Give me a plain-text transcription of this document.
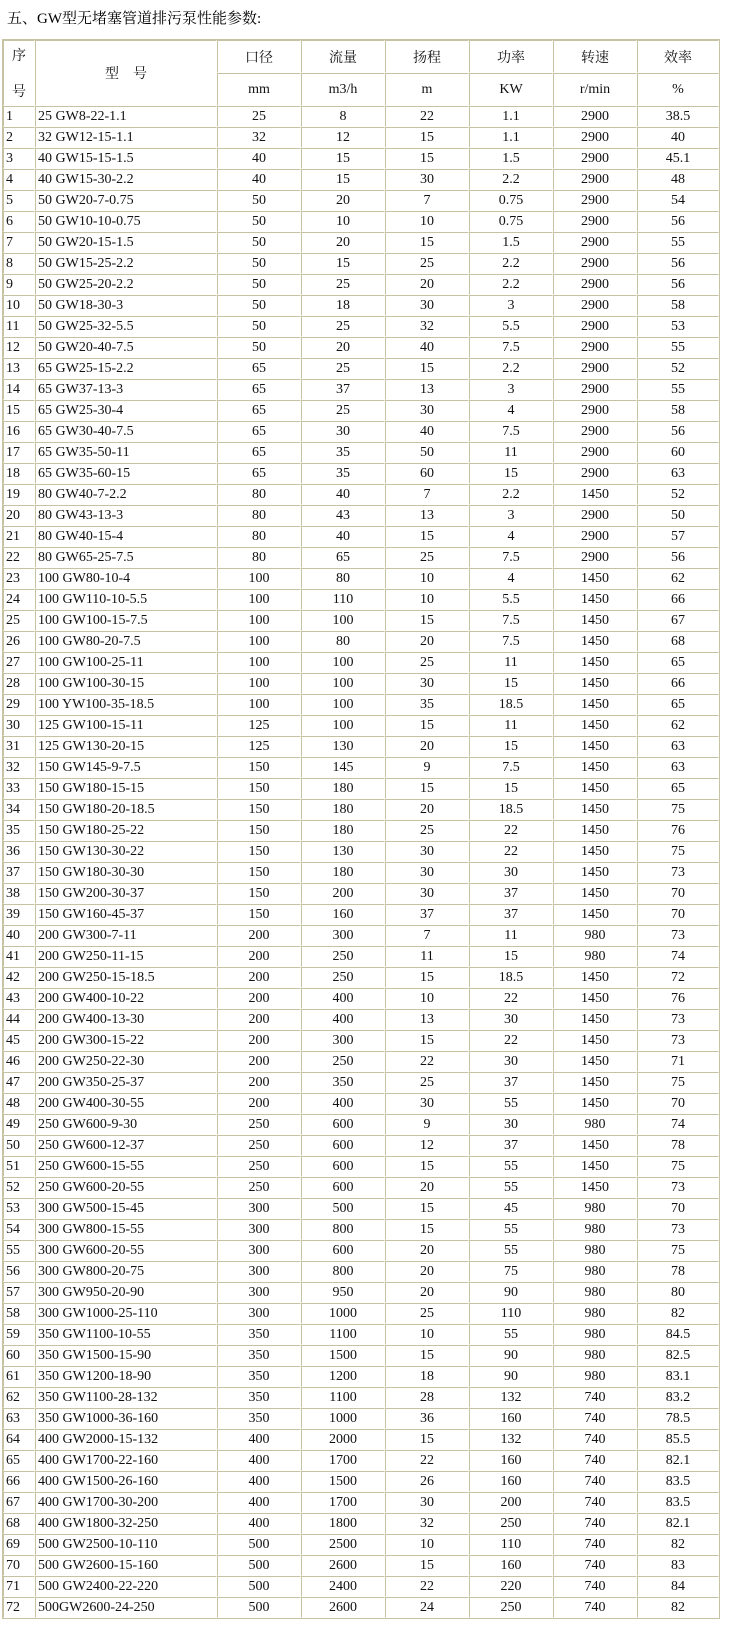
五、GW型无堵塞管道排污泵性能参数:
序
号	型　号	口径	流量	扬程	功率	转速	效率
		mm	m3/h	m	KW	r/min	%
1	25 GW8-22-1.1	25	8	22	1.1	2900	38.5
2	32 GW12-15-1.1	32	12	15	1.1	2900	40
3	40 GW15-15-1.5	40	15	15	1.5	2900	45.1
4	40 GW15-30-2.2	40	15	30	2.2	2900	48
5	50 GW20-7-0.75	50	20	7	0.75	2900	54
6	50 GW10-10-0.75	50	10	10	0.75	2900	56
7	50 GW20-15-1.5	50	20	15	1.5	2900	55
8	50 GW15-25-2.2	50	15	25	2.2	2900	56
9	50 GW25-20-2.2	50	25	20	2.2	2900	56
10	50 GW18-30-3	50	18	30	3	2900	58
11	50 GW25-32-5.5	50	25	32	5.5	2900	53
12	50 GW20-40-7.5	50	20	40	7.5	2900	55
13	65 GW25-15-2.2	65	25	15	2.2	2900	52
14	65 GW37-13-3	65	37	13	3	2900	55
15	65 GW25-30-4	65	25	30	4	2900	58
16	65 GW30-40-7.5	65	30	40	7.5	2900	56
17	65 GW35-50-11	65	35	50	11	2900	60
18	65 GW35-60-15	65	35	60	15	2900	63
19	80 GW40-7-2.2	80	40	7	2.2	1450	52
20	80 GW43-13-3	80	43	13	3	2900	50
21	80 GW40-15-4	80	40	15	4	2900	57
22	80 GW65-25-7.5	80	65	25	7.5	2900	56
23	100 GW80-10-4	100	80	10	4	1450	62
24	100 GW110-10-5.5	100	110	10	5.5	1450	66
25	100 GW100-15-7.5	100	100	15	7.5	1450	67
26	100 GW80-20-7.5	100	80	20	7.5	1450	68
27	100 GW100-25-11	100	100	25	11	1450	65
28	100 GW100-30-15	100	100	30	15	1450	66
29	100 YW100-35-18.5	100	100	35	18.5	1450	65
30	125 GW100-15-11	125	100	15	11	1450	62
31	125 GW130-20-15	125	130	20	15	1450	63
32	150 GW145-9-7.5	150	145	9	7.5	1450	63
33	150 GW180-15-15	150	180	15	15	1450	65
34	150 GW180-20-18.5	150	180	20	18.5	1450	75
35	150 GW180-25-22	150	180	25	22	1450	76
36	150 GW130-30-22	150	130	30	22	1450	75
37	150 GW180-30-30	150	180	30	30	1450	73
38	150 GW200-30-37	150	200	30	37	1450	70
39	150 GW160-45-37	150	160	37	37	1450	70
40	200 GW300-7-11	200	300	7	11	980	73
41	200 GW250-11-15	200	250	11	15	980	74
42	200 GW250-15-18.5	200	250	15	18.5	1450	72
43	200 GW400-10-22	200	400	10	22	1450	76
44	200 GW400-13-30	200	400	13	30	1450	73
45	200 GW300-15-22	200	300	15	22	1450	73
46	200 GW250-22-30	200	250	22	30	1450	71
47	200 GW350-25-37	200	350	25	37	1450	75
48	200 GW400-30-55	200	400	30	55	1450	70
49	250 GW600-9-30	250	600	9	30	980	74
50	250 GW600-12-37	250	600	12	37	1450	78
51	250 GW600-15-55	250	600	15	55	1450	75
52	250 GW600-20-55	250	600	20	55	1450	73
53	300 GW500-15-45	300	500	15	45	980	70
54	300 GW800-15-55	300	800	15	55	980	73
55	300 GW600-20-55	300	600	20	55	980	75
56	300 GW800-20-75	300	800	20	75	980	78
57	300 GW950-20-90	300	950	20	90	980	80
58	300 GW1000-25-110	300	1000	25	110	980	82
59	350 GW1100-10-55	350	1100	10	55	980	84.5
60	350 GW1500-15-90	350	1500	15	90	980	82.5
61	350 GW1200-18-90	350	1200	18	90	980	83.1
62	350 GW1100-28-132	350	1100	28	132	740	83.2
63	350 GW1000-36-160	350	1000	36	160	740	78.5
64	400 GW2000-15-132	400	2000	15	132	740	85.5
65	400 GW1700-22-160	400	1700	22	160	740	82.1
66	400 GW1500-26-160	400	1500	26	160	740	83.5
67	400 GW1700-30-200	400	1700	30	200	740	83.5
68	400 GW1800-32-250	400	1800	32	250	740	82.1
69	500 GW2500-10-110	500	2500	10	110	740	82
70	500 GW2600-15-160	500	2600	15	160	740	83
71	500 GW2400-22-220	500	2400	22	220	740	84
72	500GW2600-24-250	500	2600	24	250	740	82
